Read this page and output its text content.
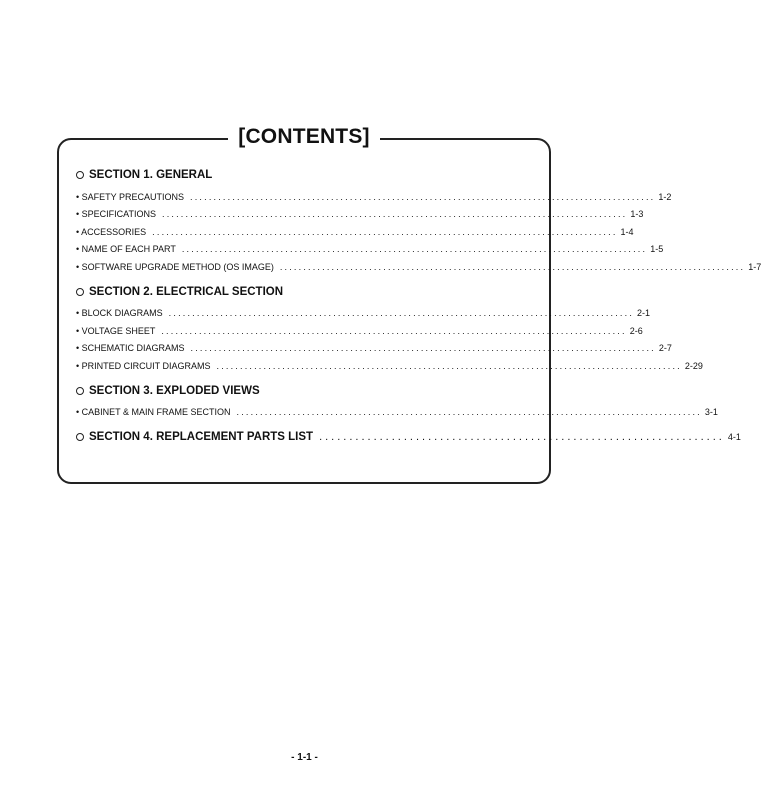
[CONTENTS]
SECTION 1. GENERAL
• SAFETY PRECAUTIONS ................................................................................................... 1-2
• SPECIFICATIONS ................................................................................................... 1-3
• ACCESSORIES ................................................................................................... 1-4
• NAME OF EACH PART ................................................................................................... 1-5
• SOFTWARE UPGRADE METHOD (OS IMAGE) ................................................................................................... 1-7
SECTION 2. ELECTRICAL SECTION
• BLOCK DIAGRAMS ................................................................................................... 2-1
• VOLTAGE SHEET ................................................................................................... 2-6
• SCHEMATIC DIAGRAMS ................................................................................................... 2-7
• PRINTED CIRCUIT DIAGRAMS ................................................................................................... 2-29
SECTION 3. EXPLODED VIEWS
• CABINET & MAIN FRAME SECTION ................................................................................................... 3-1
SECTION 4. REPLACEMENT PARTS LIST ................................................................... 4-1
- 1-1 -
